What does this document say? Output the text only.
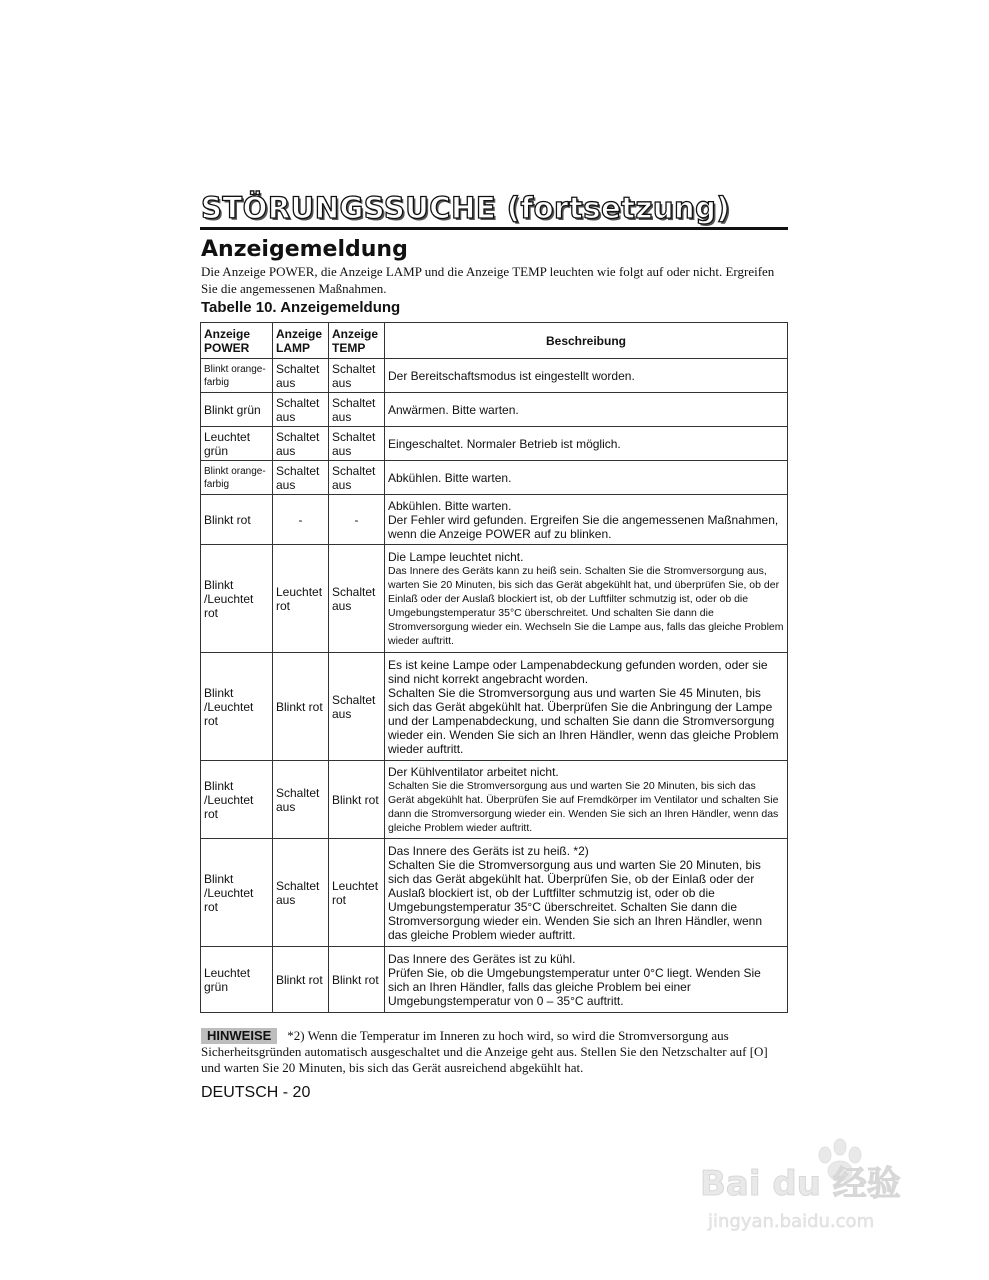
STÖRUNGSSUCHE (fortsetzung)
Anzeigemeldung

Die Anzeige POWER, die Anzeige LAMP und die Anzeige TEMP leuchten wie folgt auf oder nicht. Ergreifen Sie die angemessenen Maßnahmen.

Tabelle 10. Anzeigemeldung

Anzeige POWER	Anzeige LAMP	Anzeige TEMP	Beschreibung

Blinkt orange-farbig	Schaltet aus	Schaltet aus	Der Bereitschaftsmodus ist eingestellt worden.
Blinkt grün	Schaltet aus	Schaltet aus	Anwärmen. Bitte warten.
Leuchtet grün	Schaltet aus	Schaltet aus	Eingeschaltet. Normaler Betrieb ist möglich.

Blinkt orange-farbig	Schaltet aus	Schaltet aus	Abkühlen. Bitte warten.
Blinkt rot	-	-	Abkühlen. Bitte warten.
Der Fehler wird gefunden. Ergreifen Sie die angemessenen Maßnahmen, wenn die Anzeige POWER auf zu blinken.

Blinkt /Leuchtet rot	Leuchtet rot	Schaltet aus	Die Lampe leuchtet nicht.
Das Innere des Geräts kann zu heiß sein. Schalten Sie die Stromversorgung aus, warten Sie 20 Minuten, bis sich das Gerät abgekühlt hat, und überprüfen Sie, ob der Einlaß oder der Auslaß blockiert ist, ob der Luftfilter schmutzig ist, oder ob die Umgebungstemperatur 35°C überschreitet. Und schalten Sie dann die Stromversorgung wieder ein. Wechseln Sie die Lampe aus, falls das gleiche Problem wieder auftritt.

Blinkt /Leuchtet rot	Blinkt rot	Schaltet aus	Es ist keine Lampe oder Lampenabdeckung gefunden worden, oder sie sind nicht korrekt angebracht worden.
Schalten Sie die Stromversorgung aus und warten Sie 45 Minuten, bis sich das Gerät abgekühlt hat. Überprüfen Sie die Anbringung der Lampe und der Lampenabdeckung, und schalten Sie dann die Stromversorgung wieder ein. Wenden Sie sich an Ihren Händler, wenn das gleiche Problem wieder auftritt.

Blinkt /Leuchtet rot	Schaltet aus	Blinkt rot	Der Kühlventilator arbeitet nicht.
Schalten Sie die Stromversorgung aus und warten Sie 20 Minuten, bis sich das Gerät abgekühlt hat. Überprüfen Sie auf Fremdkörper im Ventilator und schalten Sie dann die Stromversorgung wieder ein. Wenden Sie sich an Ihren Händler, wenn das gleiche Problem wieder auftritt.

Blinkt /Leuchtet rot	Schaltet aus	Leuchtet rot	Das Innere des Geräts ist zu heiß. *2)
Schalten Sie die Stromversorgung aus und warten Sie 20 Minuten, bis sich das Gerät abgekühlt hat. Überprüfen Sie, ob der Einlaß oder der Auslaß blockiert ist, ob der Luftfilter schmutzig ist, oder ob die Umgebungstemperatur 35°C überschreitet. Schalten Sie dann die Stromversorgung wieder ein. Wenden Sie sich an Ihren Händler, wenn das gleiche Problem wieder auftritt.

Leuchtet grün	Blinkt rot	Blinkt rot	Das Innere des Gerätes ist zu kühl.
Prüfen Sie, ob die Umgebungstemperatur unter 0°C liegt. Wenden Sie sich an Ihren Händler, falls das gleiche Problem bei einer Umgebungstemperatur von 0 – 35°C auftritt.

HINWEISE *2) Wenn die Temperatur im Inneren zu hoch wird, so wird die Stromversorgung aus Sicherheitsgründen automatisch ausgeschaltet und die Anzeige geht aus. Stellen Sie den Netzschalter auf [O] und warten Sie 20 Minuten, bis sich das Gerät ausreichend abgekühlt hat.

DEUTSCH - 20

Bai du 经验
jingyan.baidu.com
